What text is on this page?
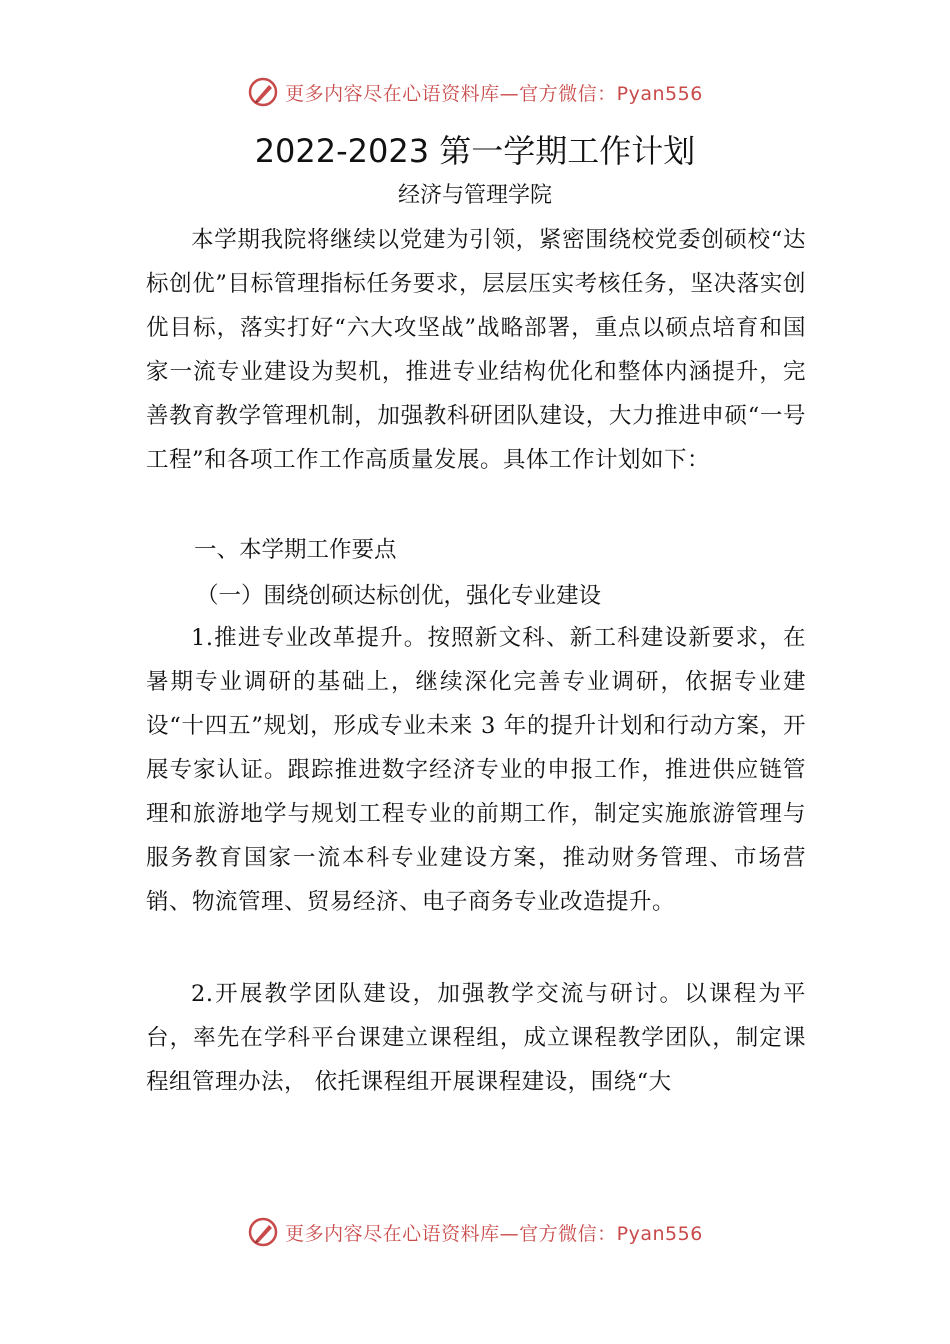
更多内容尽在心语资料库—官方微信：Pyan556
2022-2023 第一学期工作计划
经济与管理学院

本学期我院将继续以党建为引领，紧密围绕校党委创硕校“达标创优”目标管理指标任务要求，层层压实考核任务，坚决落实创优目标，落实打好“六大攻坚战”战略部署，重点以硕点培育和国家一流专业建设为契机，推进专业结构优化和整体内涵提升，完善教育教学管理机制，加强教科研团队建设，大力推进申硕“一号工程”和各项工作工作高质量发展。具体工作计划如下：

一、本学期工作要点
（一）围绕创硕达标创优，强化专业建设

1.推进专业改革提升。按照新文科、新工科建设新要求，在暑期专业调研的基础上，继续深化完善专业调研，依据专业建设“十四五”规划，形成专业未来 3 年的提升计划和行动方案，开展专家认证。跟踪推进数字经济专业的申报工作，推进供应链管理和旅游地学与规划工程专业的前期工作，制定实施旅游管理与服务教育国家一流本科专业建设方案，推动财务管理、市场营销、物流管理、贸易经济、电子商务专业改造提升。

2.开展教学团队建设，加强教学交流与研讨。以课程为平台，率先在学科平台课建立课程组，成立课程教学团队，制定课程组管理办法， 依托课程组开展课程建设，围绕“大

更多内容尽在心语资料库—官方微信：Pyan556
